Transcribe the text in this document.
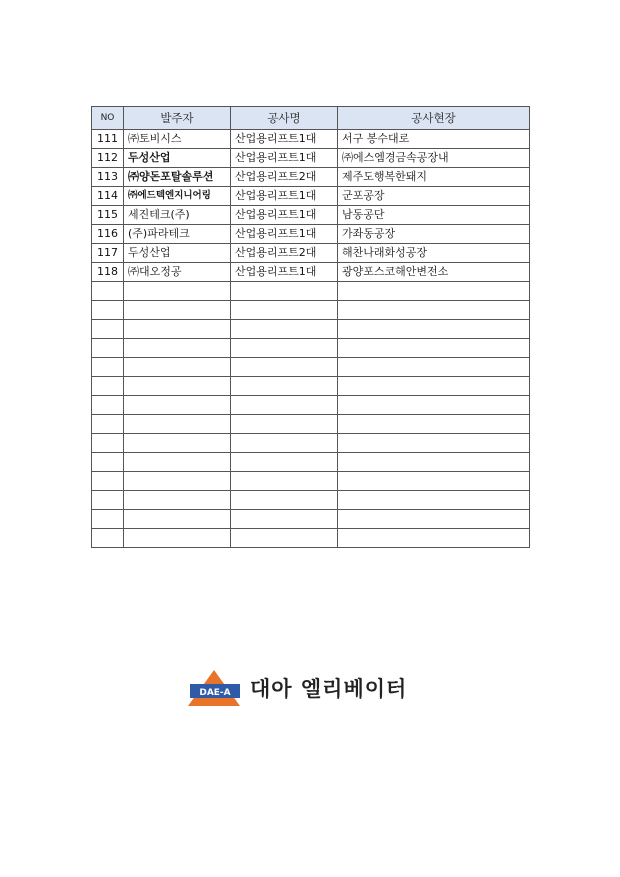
NO	발주자	공사명	공사현장
111	㈜토비시스	산업용리프트1대	서구 봉수대로
112	두성산업	산업용리프트1대	㈜에스엠경금속공장내
113	㈜양돈포탈솔루션	산업용리프트2대	제주도행복한돼지
114	㈜에드텍엔지니어링	산업용리프트1대	군포공장
115	세진테크(주)	산업용리프트1대	남동공단
116	(주)파라테크	산업용리프트1대	가좌동공장
117	두성산업	산업용리프트2대	해찬나래화성공장
118	㈜대오정공	산업용리프트1대	광양포스코해안변전소

DAE-A 대아 엘리베이터
